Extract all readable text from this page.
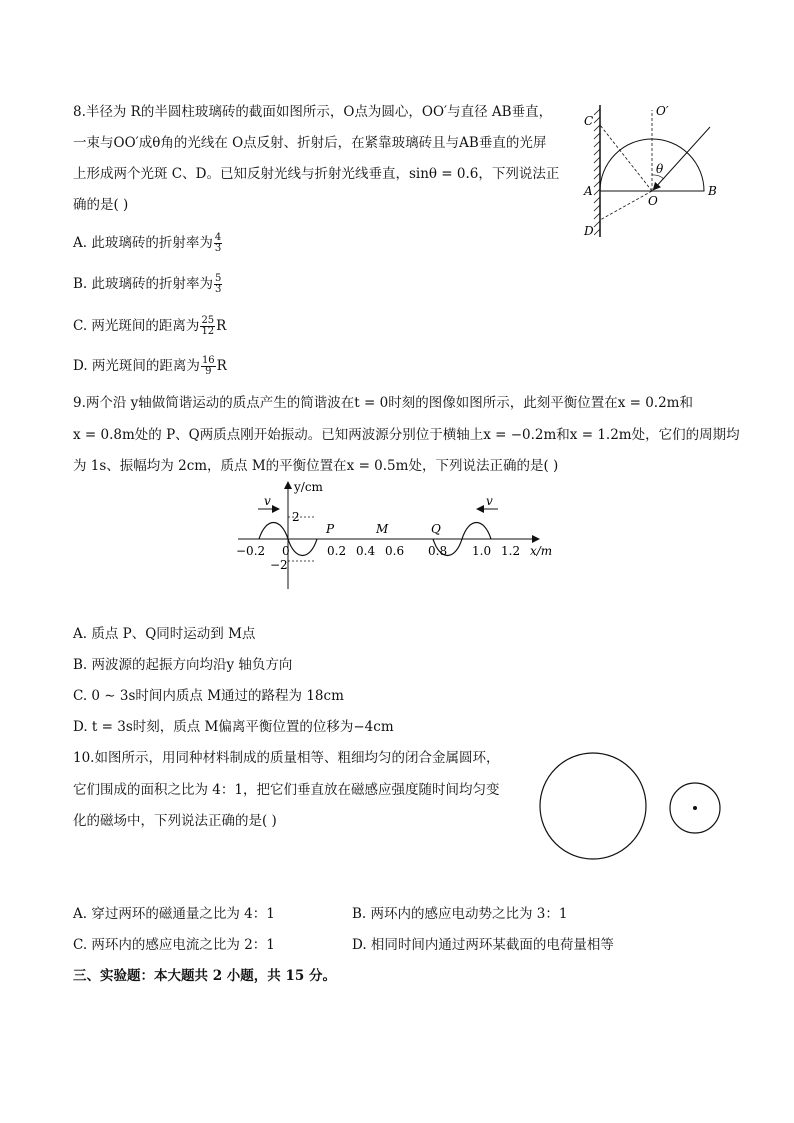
8.半径为 R的半圆柱玻璃砖的截面如图所示，O点为圆心，OO′与直径 AB垂直，
一束与OO′成θ角的光线在 O点反射、折射后，在紧靠玻璃砖且与AB垂直的光屏
上形成两个光斑 C、D。已知反射光线与折射光线垂直，sinθ = 0.6，下列说法正
确的是( )
O′
C
θ
A
O
B
D
A. 此玻璃砖的折射率为 $\frac{4}{3}$
B. 此玻璃砖的折射率为 $\frac{5}{3}$
C. 两光斑间的距离为 $\frac{25}{12}$ R
D. 两光斑间的距离为 $\frac{16}{9}$ R
9.两个沿 y轴做简谐运动的质点产生的简谐波在t = 0时刻的图像如图所示，此刻平衡位置在x = 0.2m和
x = 0.8m处的 P、Q两质点刚开始振动。已知两波源分别位于横轴上x = −0.2m和x = 1.2m处，它们的周期均
为 1s、振幅均为 2cm，质点 M的平衡位置在x = 0.5m处，下列说法正确的是( )
v	v
y/cm
x/m
2
−2
−0.2 0	0.2 0.4 0.6 0.8 1.0 1.2
P	M	Q
A. 质点 P、Q同时运动到 M点
B. 两波源的起振方向均沿y 轴负方向
C. 0 ∼ 3s时间内质点 M通过的路程为 18cm
D. t = 3s时刻，质点 M偏离平衡位置的位移为−4cm
10.如图所示，用同种材料制成的质量相等、粗细均匀的闭合金属圆环，
它们围成的面积之比为 4：1，把它们垂直放在磁感应强度随时间均匀变
化的磁场中，下列说法正确的是( )
A. 穿过两环的磁通量之比为 4：1	B. 两环内的感应电动势之比为 3：1
C. 两环内的感应电流之比为 2：1	D. 相同时间内通过两环某截面的电荷量相等
三、实验题：本大题共 2 小题，共 15 分。
